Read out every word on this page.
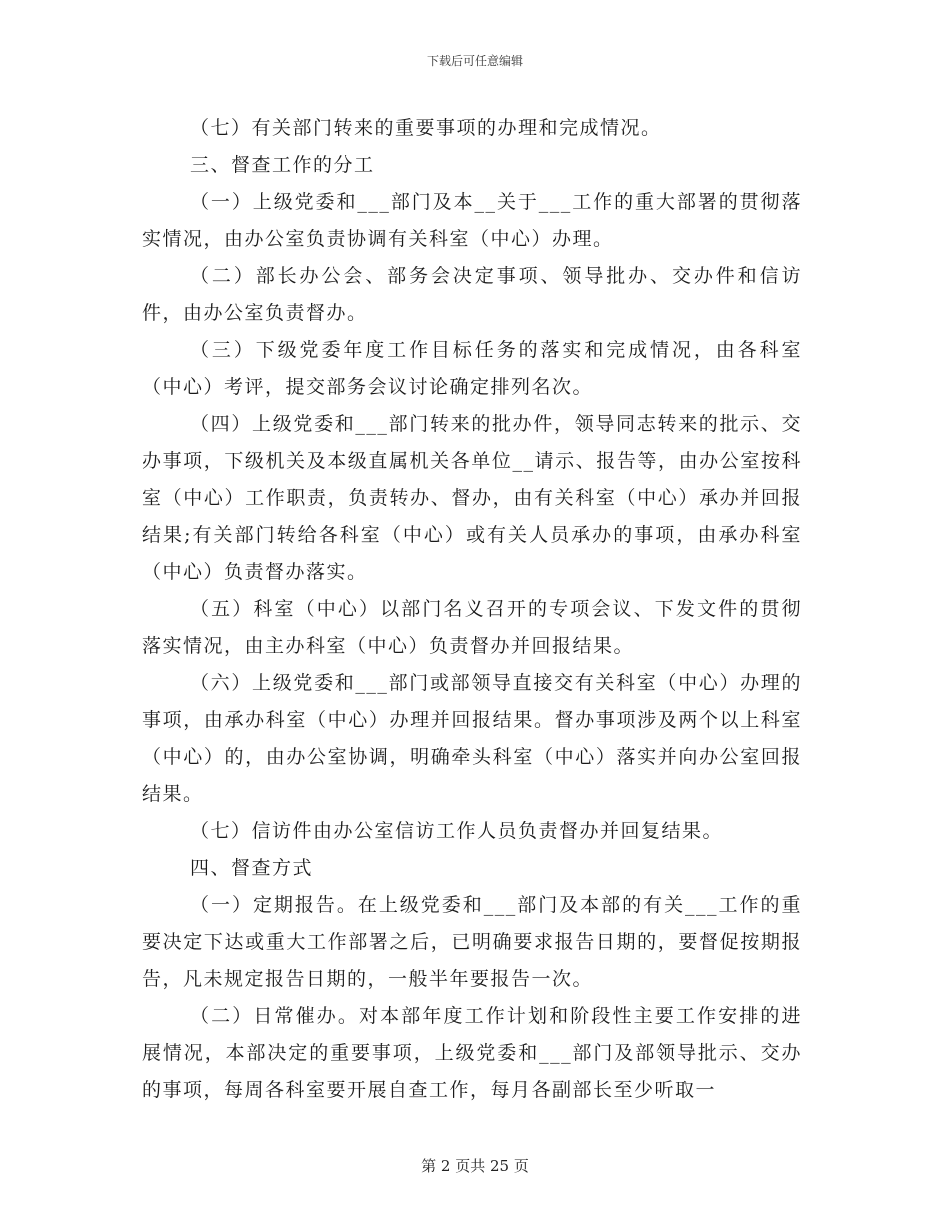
下载后可任意编辑

（七）有关部门转来的重要事项的办理和完成情况。

三、督查工作的分工

（一）上级党委和___部门及本__关于___工作的重大部署的贯彻落实情况，由办公室负责协调有关科室（中心）办理。

（二）部长办公会、部务会决定事项、领导批办、交办件和信访件，由办公室负责督办。

（三）下级党委年度工作目标任务的落实和完成情况，由各科室（中心）考评，提交部务会议讨论确定排列名次。

（四）上级党委和___部门转来的批办件，领导同志转来的批示、交办事项，下级机关及本级直属机关各单位__请示、报告等，由办公室按科室（中心）工作职责，负责转办、督办，由有关科室（中心）承办并回报结果;有关部门转给各科室（中心）或有关人员承办的事项，由承办科室（中心）负责督办落实。

（五）科室（中心）以部门名义召开的专项会议、下发文件的贯彻落实情况，由主办科室（中心）负责督办并回报结果。

（六）上级党委和___部门或部领导直接交有关科室（中心）办理的事项，由承办科室（中心）办理并回报结果。督办事项涉及两个以上科室（中心）的，由办公室协调，明确牵头科室（中心）落实并向办公室回报结果。

（七）信访件由办公室信访工作人员负责督办并回复结果。

四、督查方式

（一）定期报告。在上级党委和___部门及本部的有关___工作的重要决定下达或重大工作部署之后，已明确要求报告日期的，要督促按期报告，凡未规定报告日期的，一般半年要报告一次。

（二）日常催办。对本部年度工作计划和阶段性主要工作安排的进展情况，本部决定的重要事项，上级党委和___部门及部领导批示、交办的事项，每周各科室要开展自查工作，每月各副部长至少听取一

第 2 页共 25 页
